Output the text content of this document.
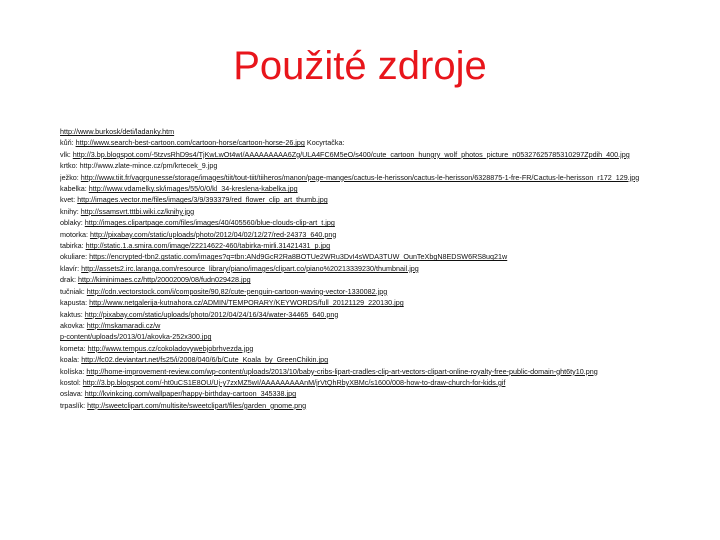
Použité zdroje
http://www.burkosk/deti/ladanky.htm
kůň: http://www.search-best-cartoon.com/cartoon-horse/cartoon-horse-26.jpg Kocyrtačka:
vlk: http://3.bp.blogspot.com/-5tzvsRhD9s4/TjKwLwOt4wI/AAAAAAAAA6Zg/ULA4FC6M5eO/s400/cute_cartoon_hungry_wolf_photos_picture_n05327625785310297Zpdih_400.jpg
krtko: http://www.zlate-mince.cz/pm/krtecek_9.jpg
ježko: http://www.tiit.fr/vagrgunesse/storage/images/tiit/tout-tiit/tiiheros/manon/page-manges/cactus-le-herisson/cactus-le-herisson/6328875-1-fre-FR/Cactus-le-herisson_r172_129.jpg
kabelka: http://www.vdamelky.sk/images/55/0/0/kl_34-kreslena-kabelka.jpg
kvet: http://images.vector.me/files/images/3/9/393379/red_flower_clip_art_thumb.jpg
knihy: http://ssamsvrt.tttbi.wiki.cz/knihy.jpg
oblaky: http://images.clipartpage.com/files/images/40/405560/blue-clouds-clip-art_t.jpg
motorka: http://pixabay.com/static/uploads/photo/2012/04/02/12/27/red-24373_640.png
tabirka: http://static.1.a.smira.com/image/22214622-460/tabirka-mirli.31421431_p.jpg
okuliare: https://encrypted-tbn2.gstatic.com/images?q=tbn:ANd9GcR2Ra8BOTUe2WRu3DvI4sWDA3TUW_OunTeXbgN8EDSW6RS8uq21w
klavír: http://assets2.irc.laranga.com/resource_library/piano/images/clipart.co/piano%20213339230/thumbnail.jpg
drak: http://kiminimaes.cz/http/20002009/08/fudn029428.jpg
tučniak: http://cdn.vectorstock.com/i/composite/90,82/cute-penguin-cartoon-waving-vector-1330082.jpg
kapusta: http://www.netgalerija-kutnahora.cz/ADMIN/TEMPORARY/KEYWORDS/full_20121129_220130.jpg
kaktus: http://pixabay.com/static/uploads/photo/2012/04/24/16/34/water-34465_640.png
akovka: http://mskamaradi.cz/w
p-content/uploads/2013/01/akovka-252x300.jpg
kometa: http://www.tempus.cz/cokoladovywebjobrhvezda.jpg
koala: http://fc02.deviantart.net/fs25/i/2008/040/6/b/Cute_Koala_by_GreenChikin.jpg
kolíska: http://home-improvement-review.com/wp-content/uploads/2013/10/baby-cribs-lipart-cradles-clip-art-vectors-clipart-online-royalty-free-public-domain-ght6ty10.png
kostol: http://3.bp.blogspot.com/-ht0uCS1E8OU/Uj-y7zxMZ5wI/AAAAAAAAAnM/jrVtQhRbyXBMc/s1600/008-how-to-draw-church-for-kids.gif
oslava: http://kvinkcing.com/wallpaper/happy-birthday-cartoon_345338.jpg
trpaslík: http://sweetclipart.com/multisite/sweetclipart/files/garden_gnome.png
